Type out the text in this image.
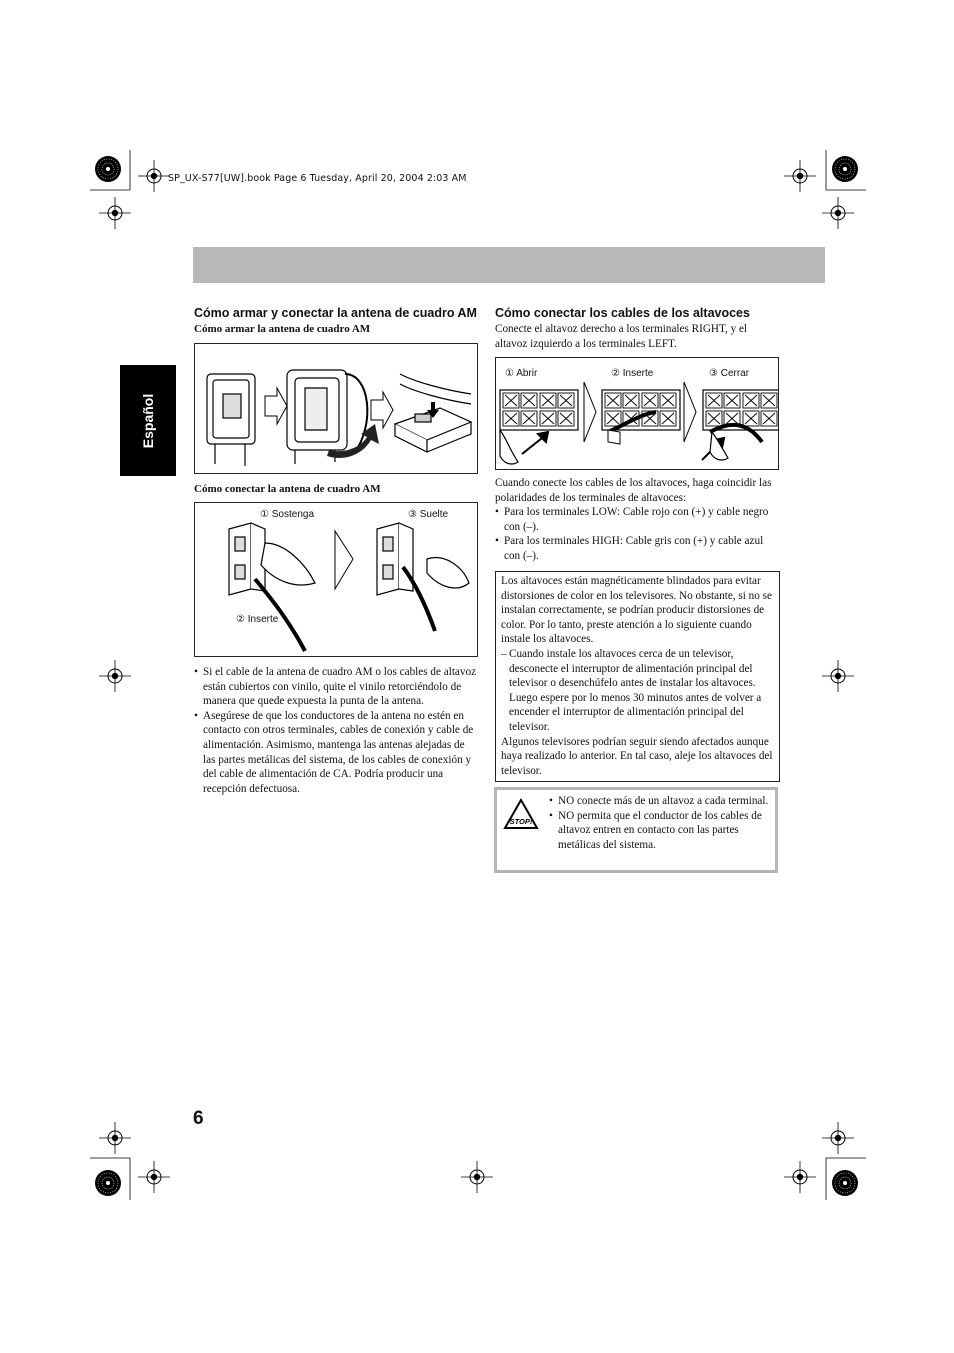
SP_UX-S77[UW].book Page 6 Tuesday, April 20, 2004 2:03 AM
Español
Cómo armar y conectar la antena de cuadro AM
Cómo armar la antena de cuadro AM
Cómo conectar la antena de cuadro AM
① Sostenga	③ Suelte
② Inserte
• Si el cable de la antena de cuadro AM o los cables de altavoz están cubiertos con vinilo, quite el vinilo retorciéndolo de manera que quede expuesta la punta de la antena.
• Asegúrese de que los conductores de la antena no estén en contacto con otros terminales, cables de conexión y cable de alimentación. Asimismo, mantenga las antenas alejadas de las partes metálicas del sistema, de los cables de conexión y del cable de alimentación de CA. Podría producir una recepción defectuosa.
Cómo conectar los cables de los altavoces
Conecte el altavoz derecho a los terminales RIGHT, y el altavoz izquierdo a los terminales LEFT.
① Abrir	② Inserte	③ Cerrar
Cuando conecte los cables de los altavoces, haga coincidir las polaridades de los terminales de altavoces:
• Para los terminales LOW: Cable rojo con (+) y cable negro con (–).
• Para los terminales HIGH: Cable gris con (+) y cable azul con (–).
Los altavoces están magnéticamente blindados para evitar distorsiones de color en los televisores. No obstante, si no se instalan correctamente, se podrían producir distorsiones de color. Por lo tanto, preste atención a lo siguiente cuando instale los altavoces.
– Cuando instale los altavoces cerca de un televisor, desconecte el interruptor de alimentación principal del televisor o desenchúfelo antes de instalar los altavoces. Luego espere por lo menos 30 minutos antes de volver a encender el interruptor de alimentación principal del televisor.
Algunos televisores podrían seguir siendo afectados aunque haya realizado lo anterior. En tal caso, aleje los altavoces del televisor.
STOP!
• NO conecte más de un altavoz a cada terminal.
• NO permita que el conductor de los cables de altavoz entren en contacto con las partes metálicas del sistema.
6
